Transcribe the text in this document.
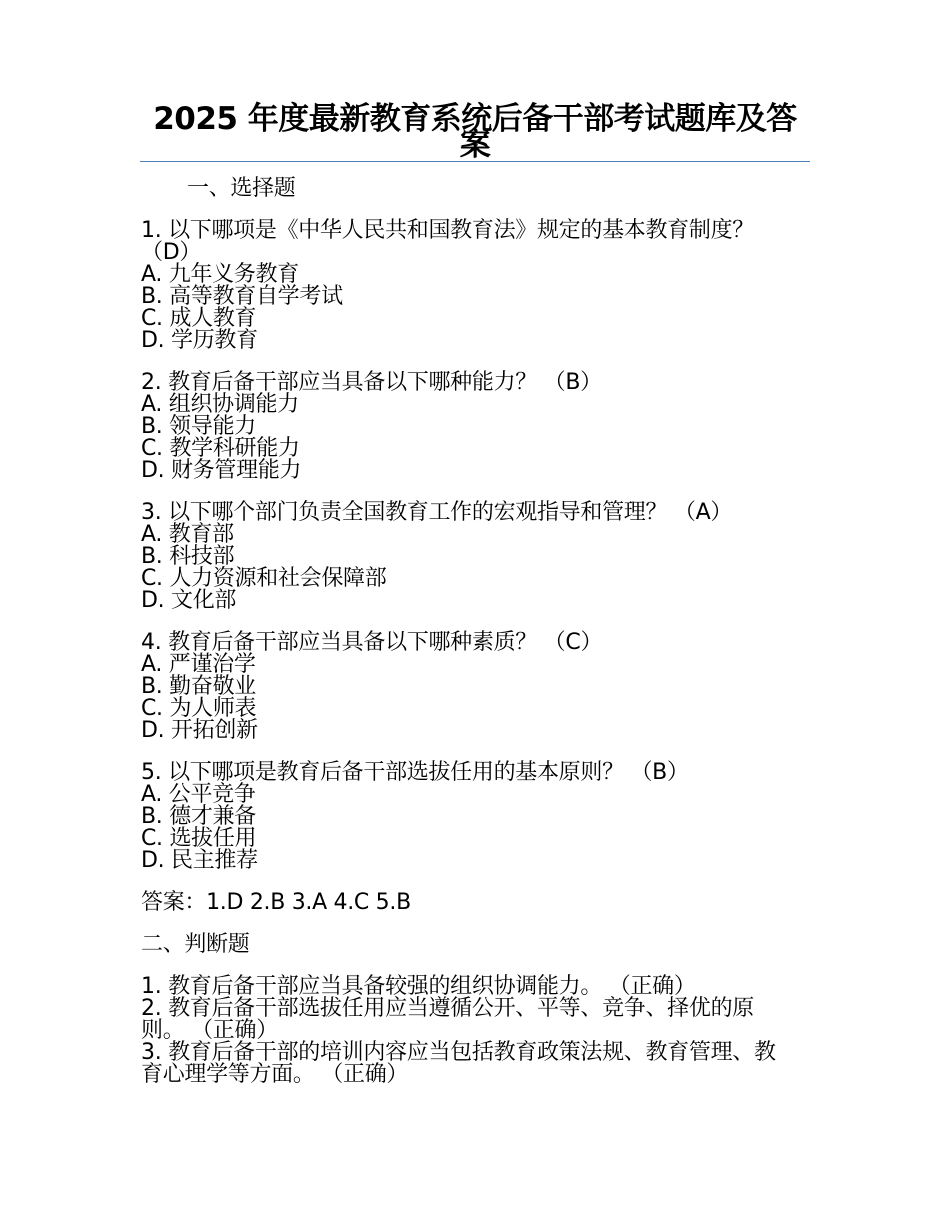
2025 年度最新教育系统后备干部考试题库及答案
一、选择题
1. 以下哪项是《中华人民共和国教育法》规定的基本教育制度？ （D）
A. 九年义务教育
B. 高等教育自学考试
C. 成人教育
D. 学历教育
2. 教育后备干部应当具备以下哪种能力？ （B）
A. 组织协调能力
B. 领导能力
C. 教学科研能力
D. 财务管理能力
3. 以下哪个部门负责全国教育工作的宏观指导和管理？ （A）
A. 教育部
B. 科技部
C. 人力资源和社会保障部
D. 文化部
4. 教育后备干部应当具备以下哪种素质？ （C）
A. 严谨治学
B. 勤奋敬业
C. 为人师表
D. 开拓创新
5. 以下哪项是教育后备干部选拔任用的基本原则？ （B）
A. 公平竞争
B. 德才兼备
C. 选拔任用
D. 民主推荐
答案：1.D 2.B 3.A 4.C 5.B
二、判断题
1. 教育后备干部应当具备较强的组织协调能力。 （正确）
2. 教育后备干部选拔任用应当遵循公开、平等、竞争、择优的原则。 （正确）
3. 教育后备干部的培训内容应当包括教育政策法规、教育管理、教育心理学等方面。 （正确）
